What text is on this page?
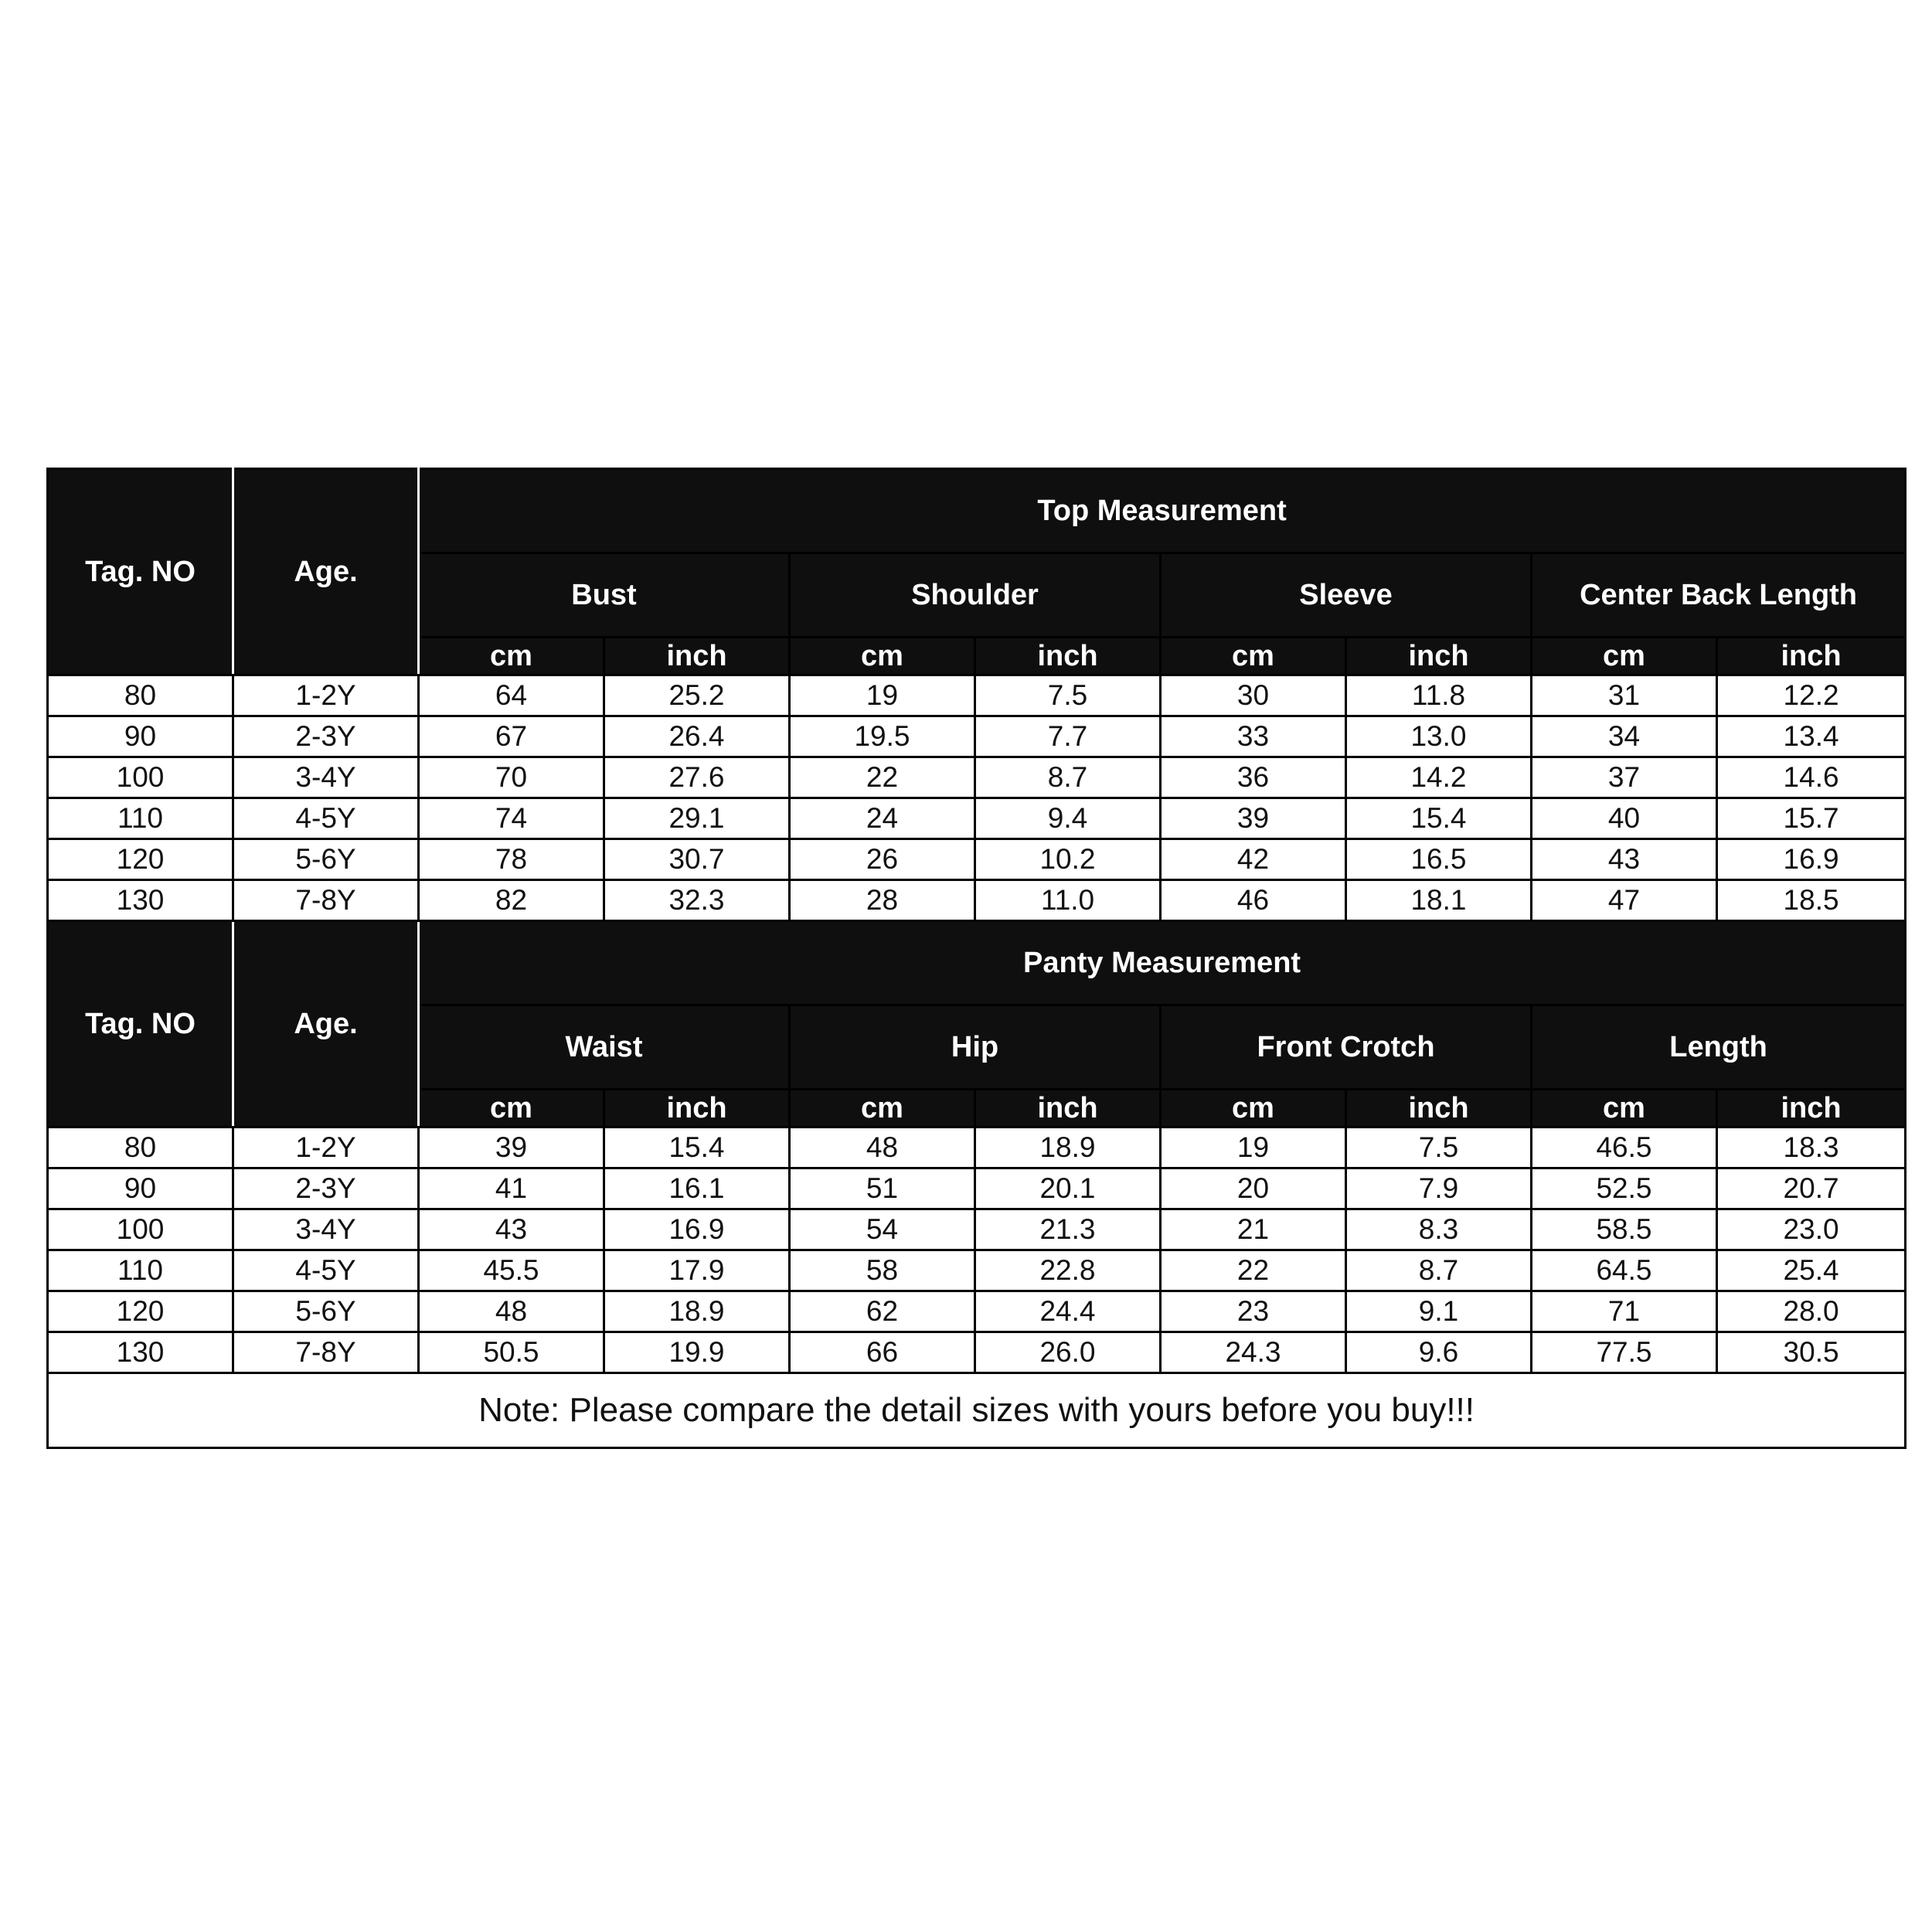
Tag. NO	Age.	Top Measurement							
		Bust		Shoulder		Sleeve		Center Back Length	
		cm	inch	cm	inch	cm	inch	cm	inch
80	1-2Y	64	25.2	19	7.5	30	11.8	31	12.2
90	2-3Y	67	26.4	19.5	7.7	33	13.0	34	13.4
100	3-4Y	70	27.6	22	8.7	36	14.2	37	14.6
110	4-5Y	74	29.1	24	9.4	39	15.4	40	15.7
120	5-6Y	78	30.7	26	10.2	42	16.5	43	16.9
130	7-8Y	82	32.3	28	11.0	46	18.1	47	18.5
Tag. NO	Age.	Panty Measurement							
		Waist		Hip		Front Crotch		Length	
		cm	inch	cm	inch	cm	inch	cm	inch
80	1-2Y	39	15.4	48	18.9	19	7.5	46.5	18.3
90	2-3Y	41	16.1	51	20.1	20	7.9	52.5	20.7
100	3-4Y	43	16.9	54	21.3	21	8.3	58.5	23.0
110	4-5Y	45.5	17.9	58	22.8	22	8.7	64.5	25.4
120	5-6Y	48	18.9	62	24.4	23	9.1	71	28.0
130	7-8Y	50.5	19.9	66	26.0	24.3	9.6	77.5	30.5
Note: Please compare the detail sizes with yours before you buy!!!									
